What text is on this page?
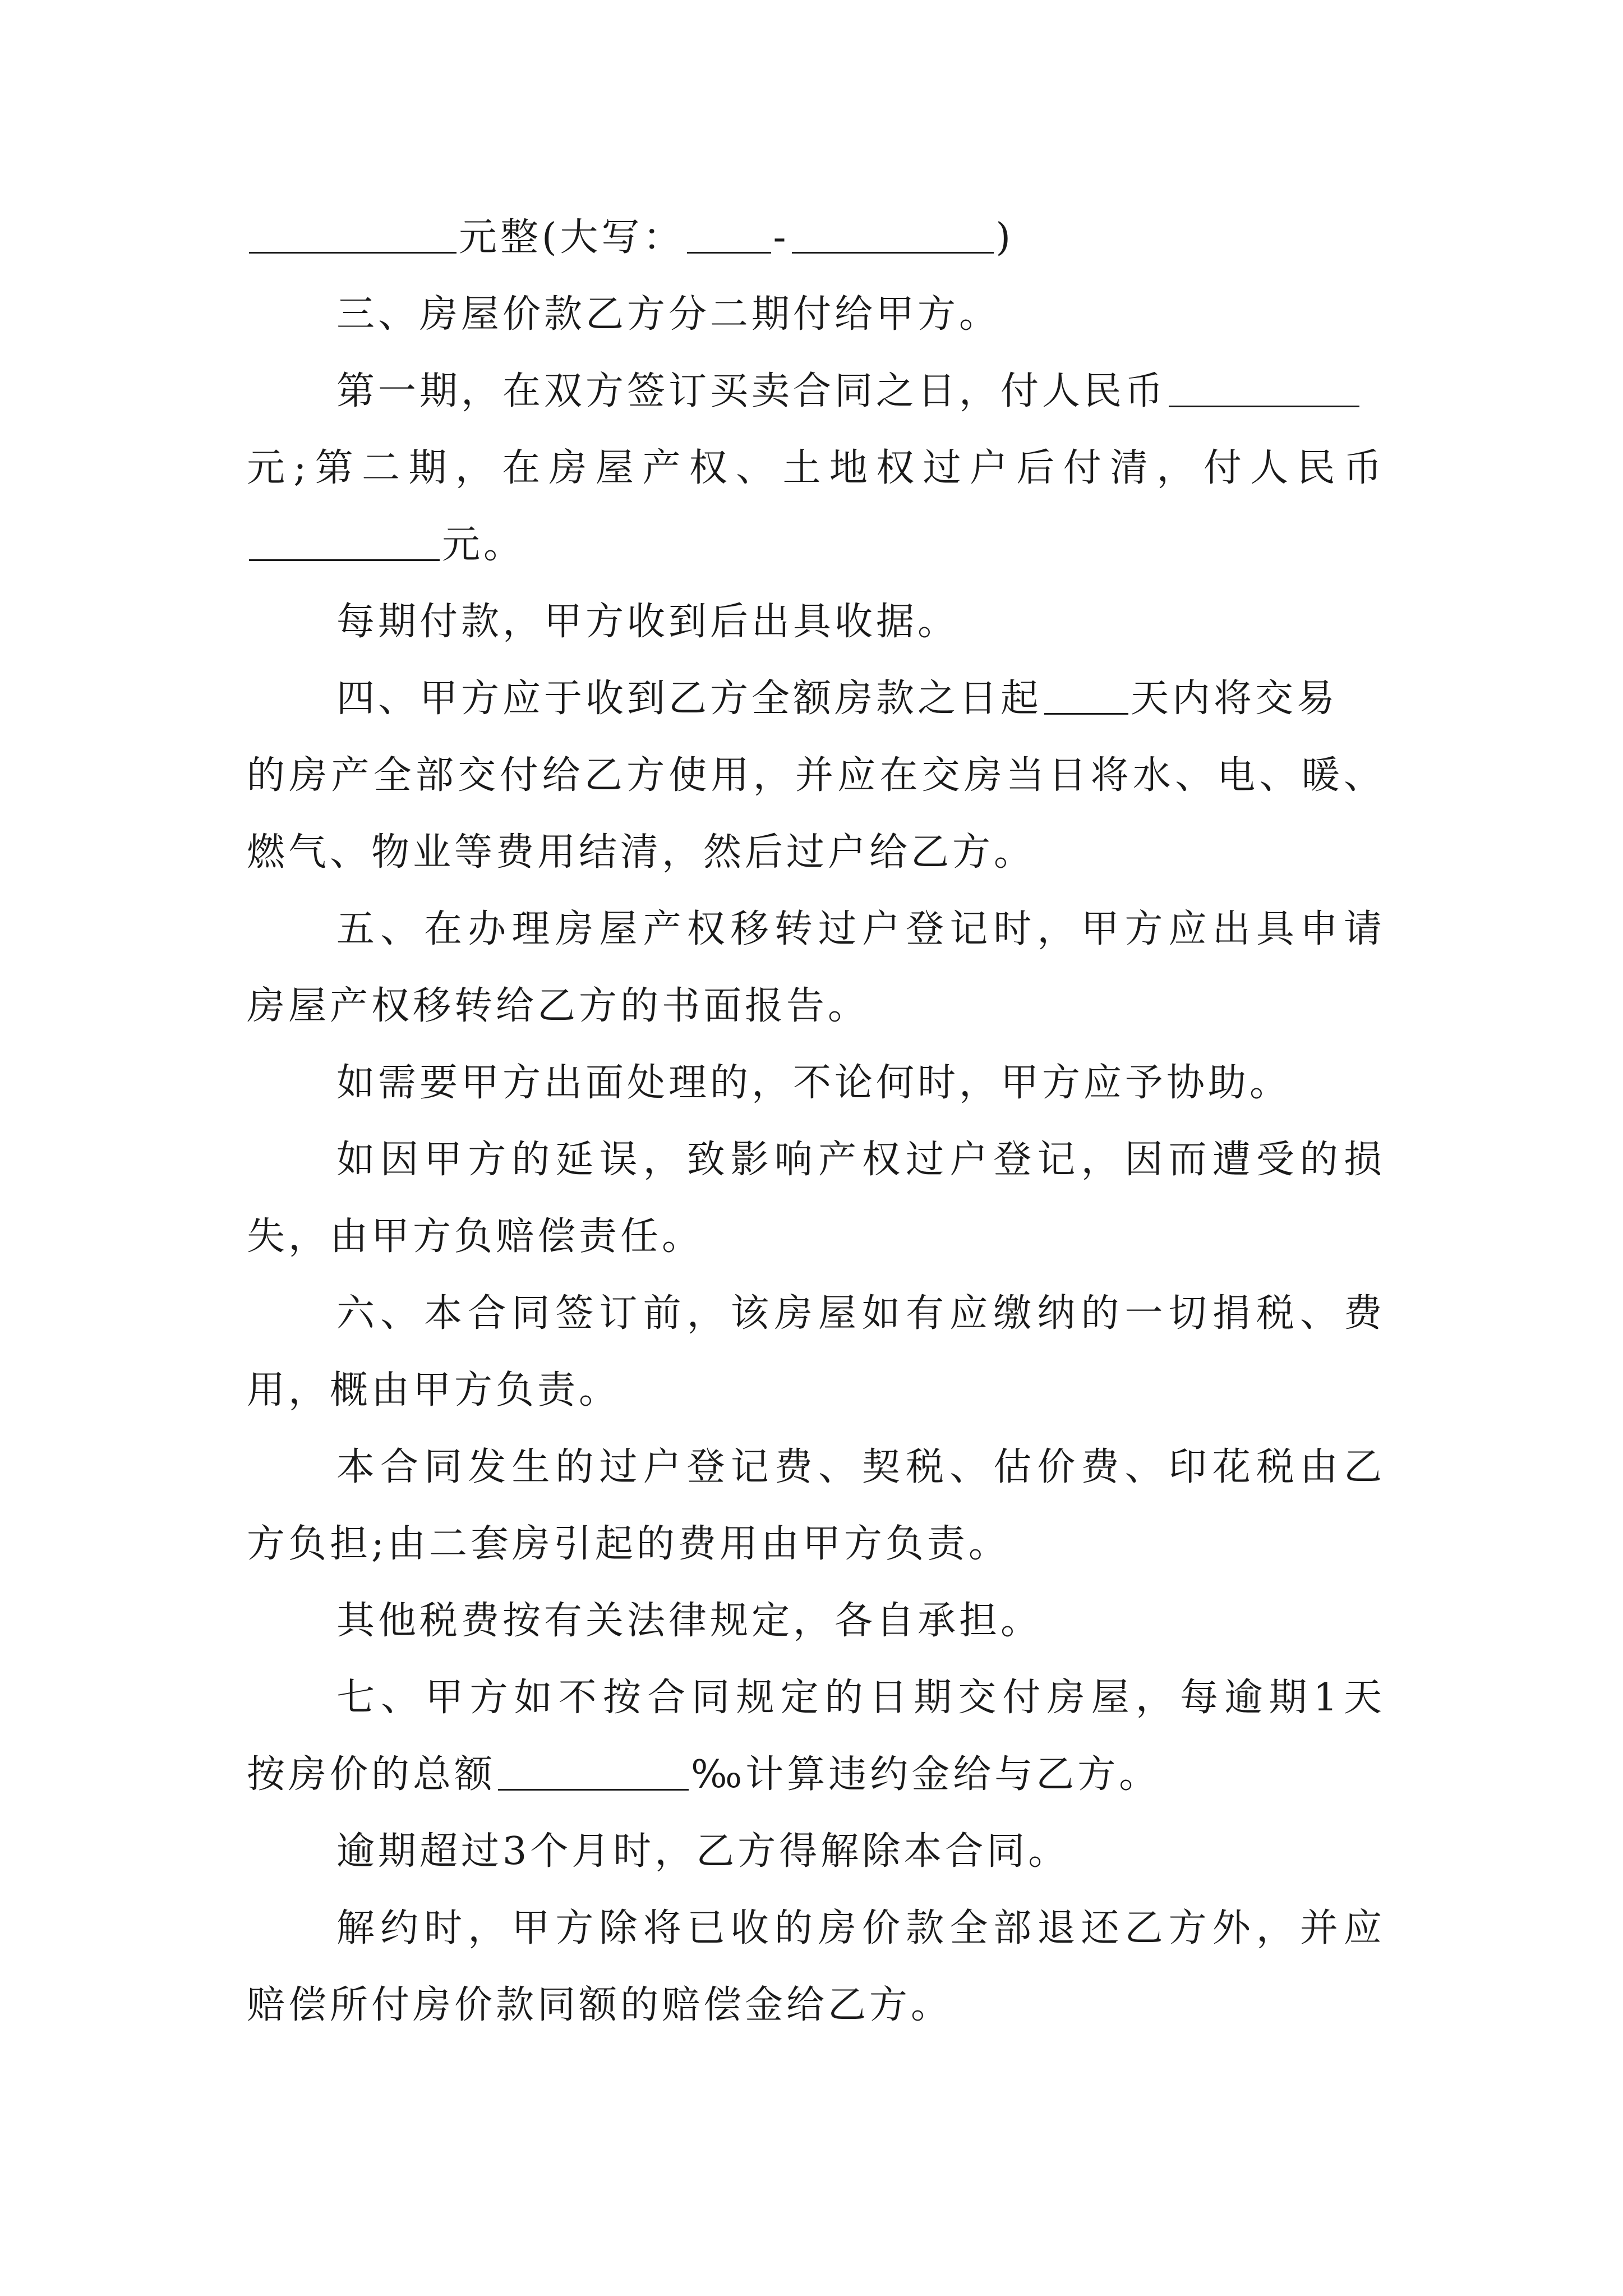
元整(大写： -	)
三、房屋价款乙方分二期付给甲方。
第一期，在双方签订买卖合同之日，付人民币
元;第二期，在房屋产权、土地权过户后付清，付人民币
元。
每期付款，甲方收到后出具收据。
四、甲方应于收到乙方全额房款之日起 天内将交易
的房产全部交付给乙方使用，并应在交房当日将水、电、暖、
燃气、物业等费用结清，然后过户给乙方。
五、在办理房屋产权移转过户登记时，甲方应出具申请
房屋产权移转给乙方的书面报告。
如需要甲方出面处理的，不论何时，甲方应予协助。
如因甲方的延误，致影响产权过户登记，因而遭受的损
失，由甲方负赔偿责任。
六、本合同签订前，该房屋如有应缴纳的一切捐税、费
用，概由甲方负责。
本合同发生的过户登记费、契税、估价费、印花税由乙
方负担;由二套房引起的费用由甲方负责。
其他税费按有关法律规定，各自承担。
七、甲方如不按合同规定的日期交付房屋，每逾期1天
按房价的总额	‰计算违约金给与乙方。
逾期超过3个月时，乙方得解除本合同。
解约时，甲方除将已收的房价款全部退还乙方外，并应
赔偿所付房价款同额的赔偿金给乙方。
